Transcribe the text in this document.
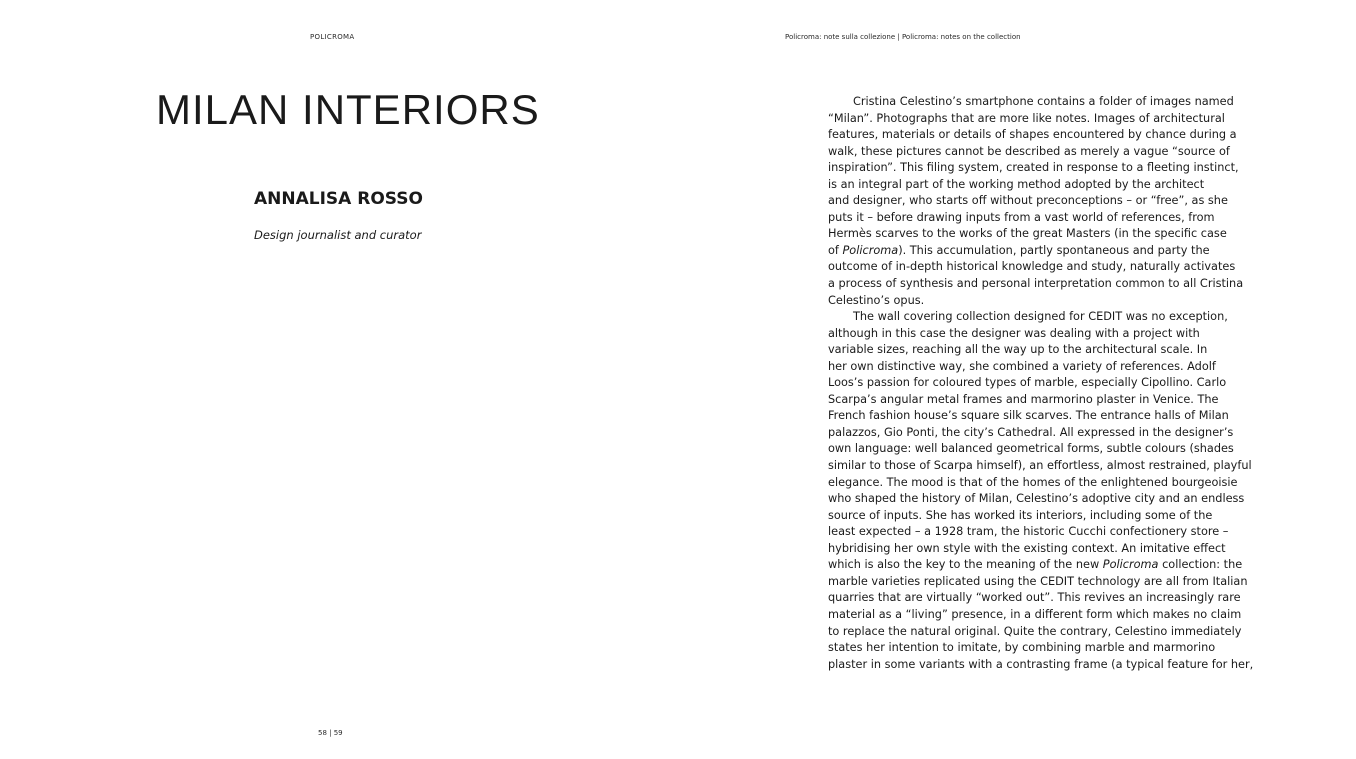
POLICROMA	Policroma: note sulla collezione | Policroma: notes on the collection
MILAN INTERIORS
ANNALISA ROSSO
Design journalist and curator
Cristina Celestino’s smartphone contains a folder of images named
“Milan”. Photographs that are more like notes. Images of architectural
features, materials or details of shapes encountered by chance during a
walk, these pictures cannot be described as merely a vague “source of
inspiration”. This filing system, created in response to a fleeting instinct,
is an integral part of the working method adopted by the architect
and designer, who starts off without preconceptions – or “free”, as she
puts it – before drawing inputs from a vast world of references, from
Hermès scarves to the works of the great Masters (in the specific case
of Policroma). This accumulation, partly spontaneous and party the
outcome of in-depth historical knowledge and study, naturally activates
a process of synthesis and personal interpretation common to all Cristina
Celestino’s opus.
The wall covering collection designed for CEDIT was no exception,
although in this case the designer was dealing with a project with
variable sizes, reaching all the way up to the architectural scale. In
her own distinctive way, she combined a variety of references. Adolf
Loos’s passion for coloured types of marble, especially Cipollino. Carlo
Scarpa’s angular metal frames and marmorino plaster in Venice. The
French fashion house’s square silk scarves. The entrance halls of Milan
palazzos, Gio Ponti, the city’s Cathedral. All expressed in the designer’s
own language: well balanced geometrical forms, subtle colours (shades
similar to those of Scarpa himself), an effortless, almost restrained, playful
elegance. The mood is that of the homes of the enlightened bourgeoisie
who shaped the history of Milan, Celestino’s adoptive city and an endless
source of inputs. She has worked its interiors, including some of the
least expected – a 1928 tram, the historic Cucchi confectionery store –
hybridising her own style with the existing context. An imitative effect
which is also the key to the meaning of the new Policroma collection: the
marble varieties replicated using the CEDIT technology are all from Italian
quarries that are virtually “worked out”. This revives an increasingly rare
material as a “living” presence, in a different form which makes no claim
to replace the natural original. Quite the contrary, Celestino immediately
states her intention to imitate, by combining marble and marmorino
plaster in some variants with a contrasting frame (a typical feature for her,
58 | 59
